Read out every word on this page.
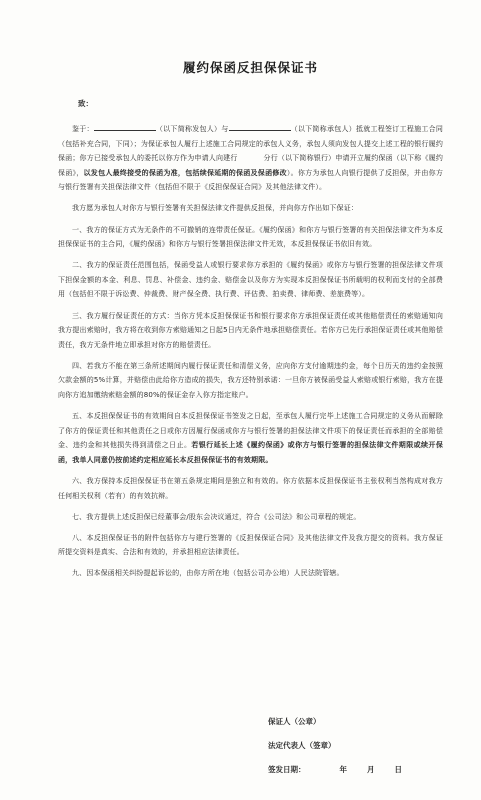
履约保函反担保保证书
致：

鉴于：	（以下简称发包人）与	（以下简称承包人）抵就工程签订工程施工合同（包括补充合同，下同）；为保证承包人履行上述施工合同规定的承包人义务，承包人须向发包人提交上述工程的银行履约保函；你方已接受承包人的委托以你方作为申请人向建行	分行（以下简称银行）申请开立履约保函（以下称《履约保函》，以发包人最终接受的保函为准，包括续保延期的保函及保函修改）。你方为承包人向银行提供了反担保，并由你方与银行签署有关担保法律文件（包括但不限于《反担保保证合同》及其他法律文件）。

我方愿为承包人对你方与银行签署有关担保法律文件提供反担保，并向你方作出如下保证：

一、我方的保证方式为无条件的不可撤销的连带责任保证。《履约保函》和你方与银行签署的有关担保法律文件为本反担保保证书的主合同，《履约保函》和你方与银行签署担保法律文件无效，本反担保保证书依旧有效。

二、我方的保证责任范围包括，保函受益人或银行要求你方承担的《履约保函》或你方与银行签署的担保法律文件项下担保金额的本金、利息、罚息、补偿金、违约金、赔偿金以及你方为实现本反担保保证书所载明的权利而支付的全部费用（包括但不限于诉讼费、仲裁费、财产保全费、执行费、评估费、拍卖费、律师费、差旅费等）。

三、我方履行保证责任的方式：当你方凭本反担保保证书和银行要求你方承担保证责任或其他赔偿责任的索赔通知向我方提出索赔时，我方将在收到你方索赔通知之日起5日内无条件地承担赔偿责任。若你方已先行承担保证责任或其他赔偿责任，我方无条件地立即承担对你方的赔偿责任。

四、若我方不能在第三条所述期间内履行保证责任和清偿义务，应向你方支付逾期违约金，每个日历天的违约金按照欠款金额的5%计算，并赔偿由此给你方造成的损失，我方还特别承诺：一旦你方被保函受益人索赔或银行索赔，我方在提向你方追加缴纳索赔金额的80%的保证金存入你方指定账户。

五、本反担保保证书的有效期间自本反担保保证书签发之日起，至承包人履行完毕上述施工合同规定的义务从而解除了你方的保证责任和其他责任之日或你方因履行保函或你方与银行签署的担保法律文件项下的保证责任而承担的全部赔偿金、违约金和其他损失得到清偿之日止。若银行延长上述《履约保函》或你方与银行签署的担保法律文件期限或续开保函，我单人同意仍按前述约定相应延长本反担保保证书的有效期限。

六、我方保持本反担保保证书在第五条规定期间是独立和有效的。你方依据本反担保保证书主张权利当然构成对我方任何相关权利（若有）的有效抗辩。

七、我方提供上述反担保已经董事会/股东会决议通过，符合《公司法》和公司章程的规定。

八、本反担保保证书的附件包括你方与建行签署的《反担保保证合同》及其他法律文件及我方提交的资料。我方保证所提交资料是真实、合法和有效的，并承担相应法律责任。

九、因本保函相关纠纷提起诉讼的，由你方所在地（包括公司办公地）人民法院管辖。

保证人（公章）
法定代表人（签章）
签发日期：	年	月	日
